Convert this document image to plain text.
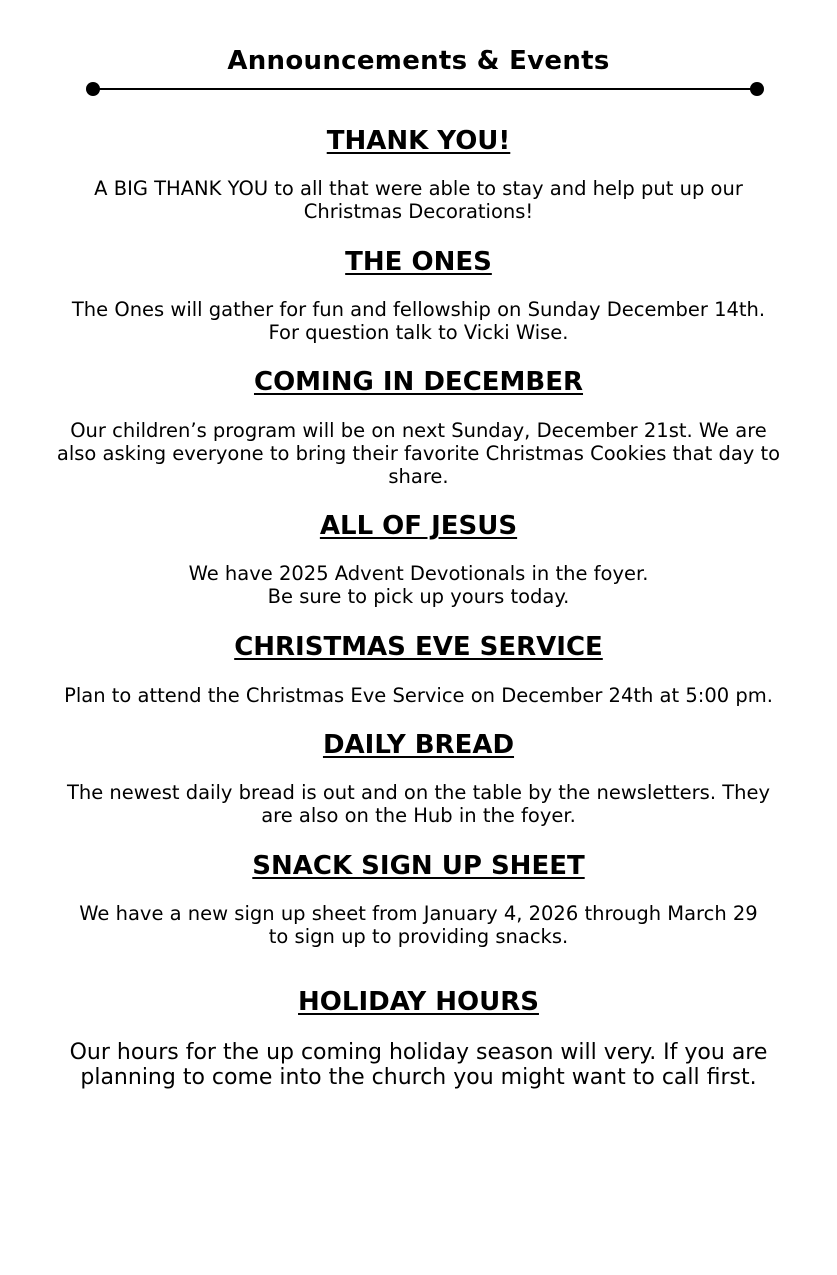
Announcements & Events
THANK YOU!

A BIG THANK YOU to all that were able to stay and help put up our
Christmas Decorations!

THE ONES

The Ones will gather for fun and fellowship on Sunday December 14th.
For question talk to Vicki Wise.

COMING IN DECEMBER

Our children’s program will be on next Sunday, December 21st. We are
also asking everyone to bring their favorite Christmas Cookies that day to
share.

ALL OF JESUS

We have 2025 Advent Devotionals in the foyer.
Be sure to pick up yours today.

CHRISTMAS EVE SERVICE

Plan to attend the Christmas Eve Service on December 24th at 5:00 pm.

DAILY BREAD

The newest daily bread is out and on the table by the newsletters. They
are also on the Hub in the foyer.

SNACK SIGN UP SHEET

We have a new sign up sheet from January 4, 2026 through March 29
to sign up to providing snacks.

HOLIDAY HOURS

Our hours for the up coming holiday season will very. If you are
planning to come into the church you might want to call first.
